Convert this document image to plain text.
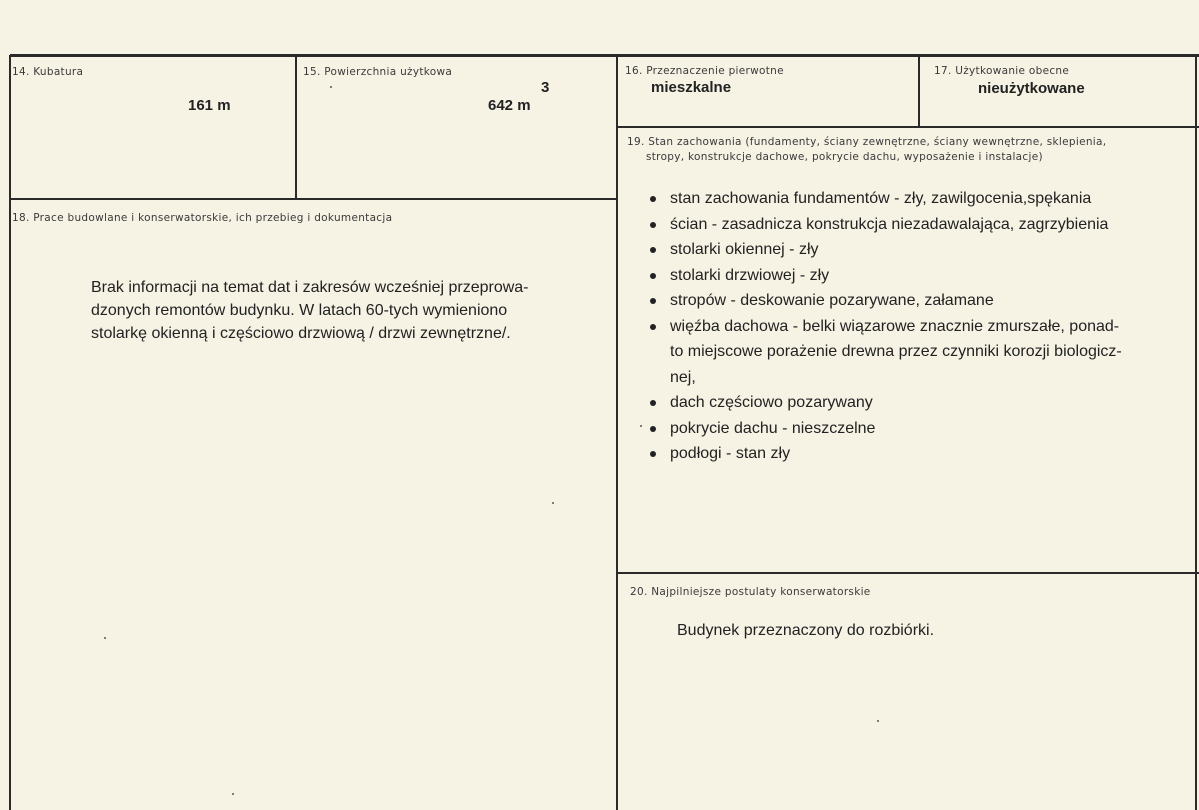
14. Kubatura
161 m
15. Powierzchnia użytkowa
3
642 m
16. Przeznaczenie pierwotne
mieszkalne
17. Użytkowanie obecne
nieużytkowane
18. Prace budowlane i konserwatorskie, ich przebieg i dokumentacja
Brak informacji na temat dat i zakresów wcześniej przeprowa-
dzonych remontów budynku. W latach 60-tych wymieniono
stolarkę okienną i częściowo drzwiową / drzwi zewnętrzne/.
19. Stan zachowania (fundamenty, ściany zewnętrzne, ściany wewnętrzne, sklepienia,
stropy, konstrukcje dachowe, pokrycie dachu, wyposażenie i instalacje)
stan zachowania fundamentów - zły, zawilgocenia,spękania
ścian - zasadnicza konstrukcja niezadawalająca, zagrzybienia
stolarki okiennej - zły
stolarki drzwiowej - zły
stropów - deskowanie pozarywane, załamane
więźba dachowa - belki wiązarowe znacznie zmurszałe, ponad-
to miejscowe porażenie drewna przez czynniki korozji biologicz-
nej,
dach częściowo pozarywany
pokrycie dachu - nieszczelne
podłogi - stan zły
20. Najpilniejsze postulaty konserwatorskie
Budynek przeznaczony do rozbiórki.
